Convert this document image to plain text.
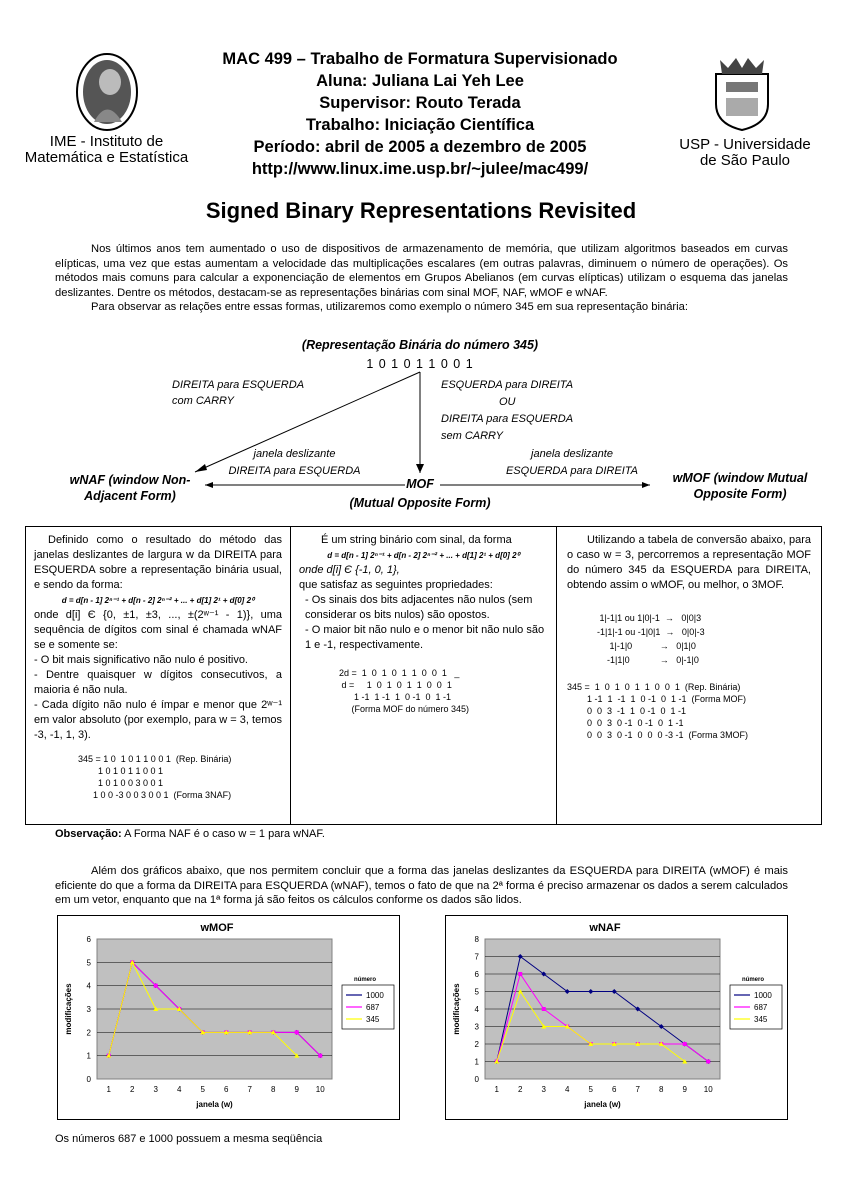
IME - Instituto de
Matemática e Estatística
USP - Universidade
de São Paulo
MAC 499 – Trabalho de Formatura Supervisionado
Aluna: Juliana Lai Yeh Lee
Supervisor: Routo Terada
Trabalho: Iniciação Científica
Período: abril de 2005 a dezembro de 2005
http://www.linux.ime.usp.br/~julee/mac499/
Signed Binary Representations Revisited

Nos últimos anos tem aumentado o uso de dispositivos de armazenamento de memória, que utilizam algoritmos baseados em curvas elípticas, uma vez que estas aumentam a velocidade das multiplicações escalares (em outras palavras, diminuem o número de operações). Os métodos mais comuns para calcular a exponenciação de elementos em Grupos Abelianos (em curvas elípticas) utilizam o esquema das janelas deslizantes. Dentre os métodos, destacam-se as representações binárias com sinal MOF, NAF, wMOF e wNAF.

Para observar as relações entre essas formas, utilizaremos como exemplo o número 345 em sua representação binária:

(Representação Binária do número 345)
1 0 1 0 1 1 0 0 1
DIREITA para ESQUERDA
com CARRY
ESQUERDA para DIREITA
OU
DIREITA para ESQUERDA
sem CARRY
janela deslizante
DIREITA para ESQUERDA
janela deslizante
ESQUERDA para DIREITA
wNAF (window Non-
Adjacent Form)
MOF
(Mutual Opposite Form)
wMOF (window Mutual
Opposite Form)

Definido como o resultado do método das janelas deslizantes de largura w da DIREITA para ESQUERDA sobre a representação binária usual, e sendo da forma:

d = d[n - 1] 2ⁿ⁻¹ + d[n - 2] 2ⁿ⁻² + ... + d[1] 2¹ + d[0] 2⁰

onde d[i] Є {0, ±1, ±3, ..., ±(2ʷ⁻¹ - 1)}, uma sequência de dígitos com sinal é chamada wNAF se e somente se:

- O bit mais significativo não nulo é positivo.

- Dentre quaisquer w dígitos consecutivos, a maioria é não nula.

- Cada dígito não nulo é ímpar e menor que 2ʷ⁻¹ em valor absoluto (por exemplo, para w = 3, temos -3, -1, 1, 3).

345 = 1 0  1 0 1 1 0 0 1  (Rep. Binária)
1 0 1 0 1 1 0 0 1
1 0 1 0 0 3 0 0 1
1 0 0 -3 0 0 3 0 0 1  (Forma 3NAF)

É um string binário com sinal, da forma

d = d[n - 1] 2ⁿ⁻¹ + d[n - 2] 2ⁿ⁻² + ... + d[1] 2¹ + d[0] 2⁰

onde d[i] Є {-1, 0, 1},

que satisfaz as seguintes propriedades:

- Os sinais dos bits adjacentes não nulos (sem considerar os bits nulos) são opostos.

- O maior bit não nulo e o menor bit não nulo são 1 e -1, respectivamente.

2d =  1  0  1  0  1  1  0  0  1   _
d =     1  0  1  0  1  1  0  0  1
1 -1  1 -1  1  0 -1  0  1 -1
(Forma MOF do número 345)

Utilizando a tabela de conversão abaixo, para o caso w = 3, percorremos a representação MOF do número 345 da ESQUERDA para DIREITA, obtendo assim o wMOF, ou melhor, o 3MOF.

1|-1|1 ou 1|0|-1  →   0|0|3
-1|1|-1 ou -1|0|1  →   0|0|-3
1|-1|0           →   0|1|0
-1|1|0            →   0|-1|0
345 =  1  0  1  0  1  1  0  0  1  (Rep. Binária)
1 -1  1  -1  1  0 -1  0  1 -1  (Forma MOF)
0  0  3  -1  1  0 -1  0  1 -1
0  0  3  0 -1  0 -1  0  1 -1
0  0  3  0 -1  0  0  0 -3 -1  (Forma 3MOF)
Observação: A Forma NAF é o caso w = 1 para wNAF.

Além dos gráficos abaixo, que nos permitem concluir que a forma das janelas deslizantes da ESQUERDA para DIREITA (wMOF) é mais eficiente do que a forma da DIREITA para ESQUERDA (wNAF), temos o fato de que na 2ª forma é preciso armazenar os dados a serem calculados em um vetor, enquanto que na 1ª forma já são feitos os cálculos conforme os dados são lidos.

wMOF
0
1
2
3
4
5
6
1 2 3 4 5 6 7 8 9 10
janela (w)
modificações
número
1000
687
345
wNAF
0
1
2
3
4
5
6
7
8
1 2 3 4 5 6 7 8 9 10
janela (w)
modificações
número
1000
687
345
Os números 687 e 1000 possuem a mesma seqüência
